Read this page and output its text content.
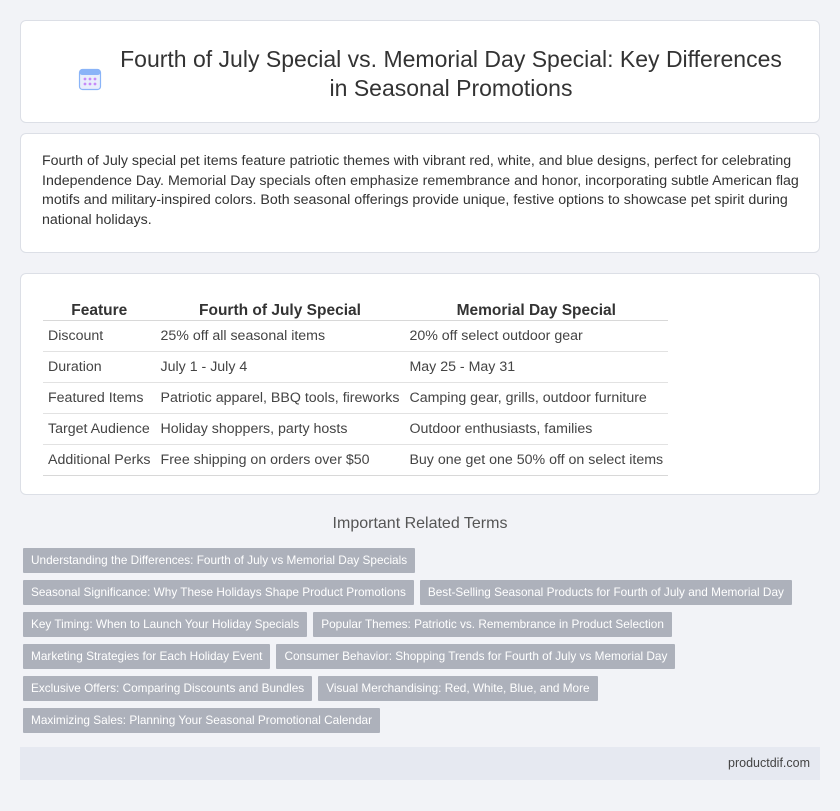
Fourth of July Special vs. Memorial Day Special: Key Differences in Seasonal Promotions

Fourth of July special pet items feature patriotic themes with vibrant red, white, and blue designs, perfect for celebrating Independence Day. Memorial Day specials often emphasize remembrance and honor, incorporating subtle American flag motifs and military-inspired colors. Both seasonal offerings provide unique, festive options to showcase pet spirit during national holidays.

Feature	Fourth of July Special	Memorial Day Special
Discount	25% off all seasonal items	20% off select outdoor gear
Duration	July 1 - July 4	May 25 - May 31
Featured Items	Patriotic apparel, BBQ tools, fireworks	Camping gear, grills, outdoor furniture
Target Audience	Holiday shoppers, party hosts	Outdoor enthusiasts, families
Additional Perks	Free shipping on orders over $50	Buy one get one 50% off on select items
Important Related Terms
Understanding the Differences: Fourth of July vs Memorial Day Specials
Seasonal Significance: Why These Holidays Shape Product Promotions	Best-Selling Seasonal Products for Fourth of July and Memorial Day
Key Timing: When to Launch Your Holiday Specials	Popular Themes: Patriotic vs. Remembrance in Product Selection
Marketing Strategies for Each Holiday Event	Consumer Behavior: Shopping Trends for Fourth of July vs Memorial Day
Exclusive Offers: Comparing Discounts and Bundles	Visual Merchandising: Red, White, Blue, and More
Maximizing Sales: Planning Your Seasonal Promotional Calendar
productdif.com
